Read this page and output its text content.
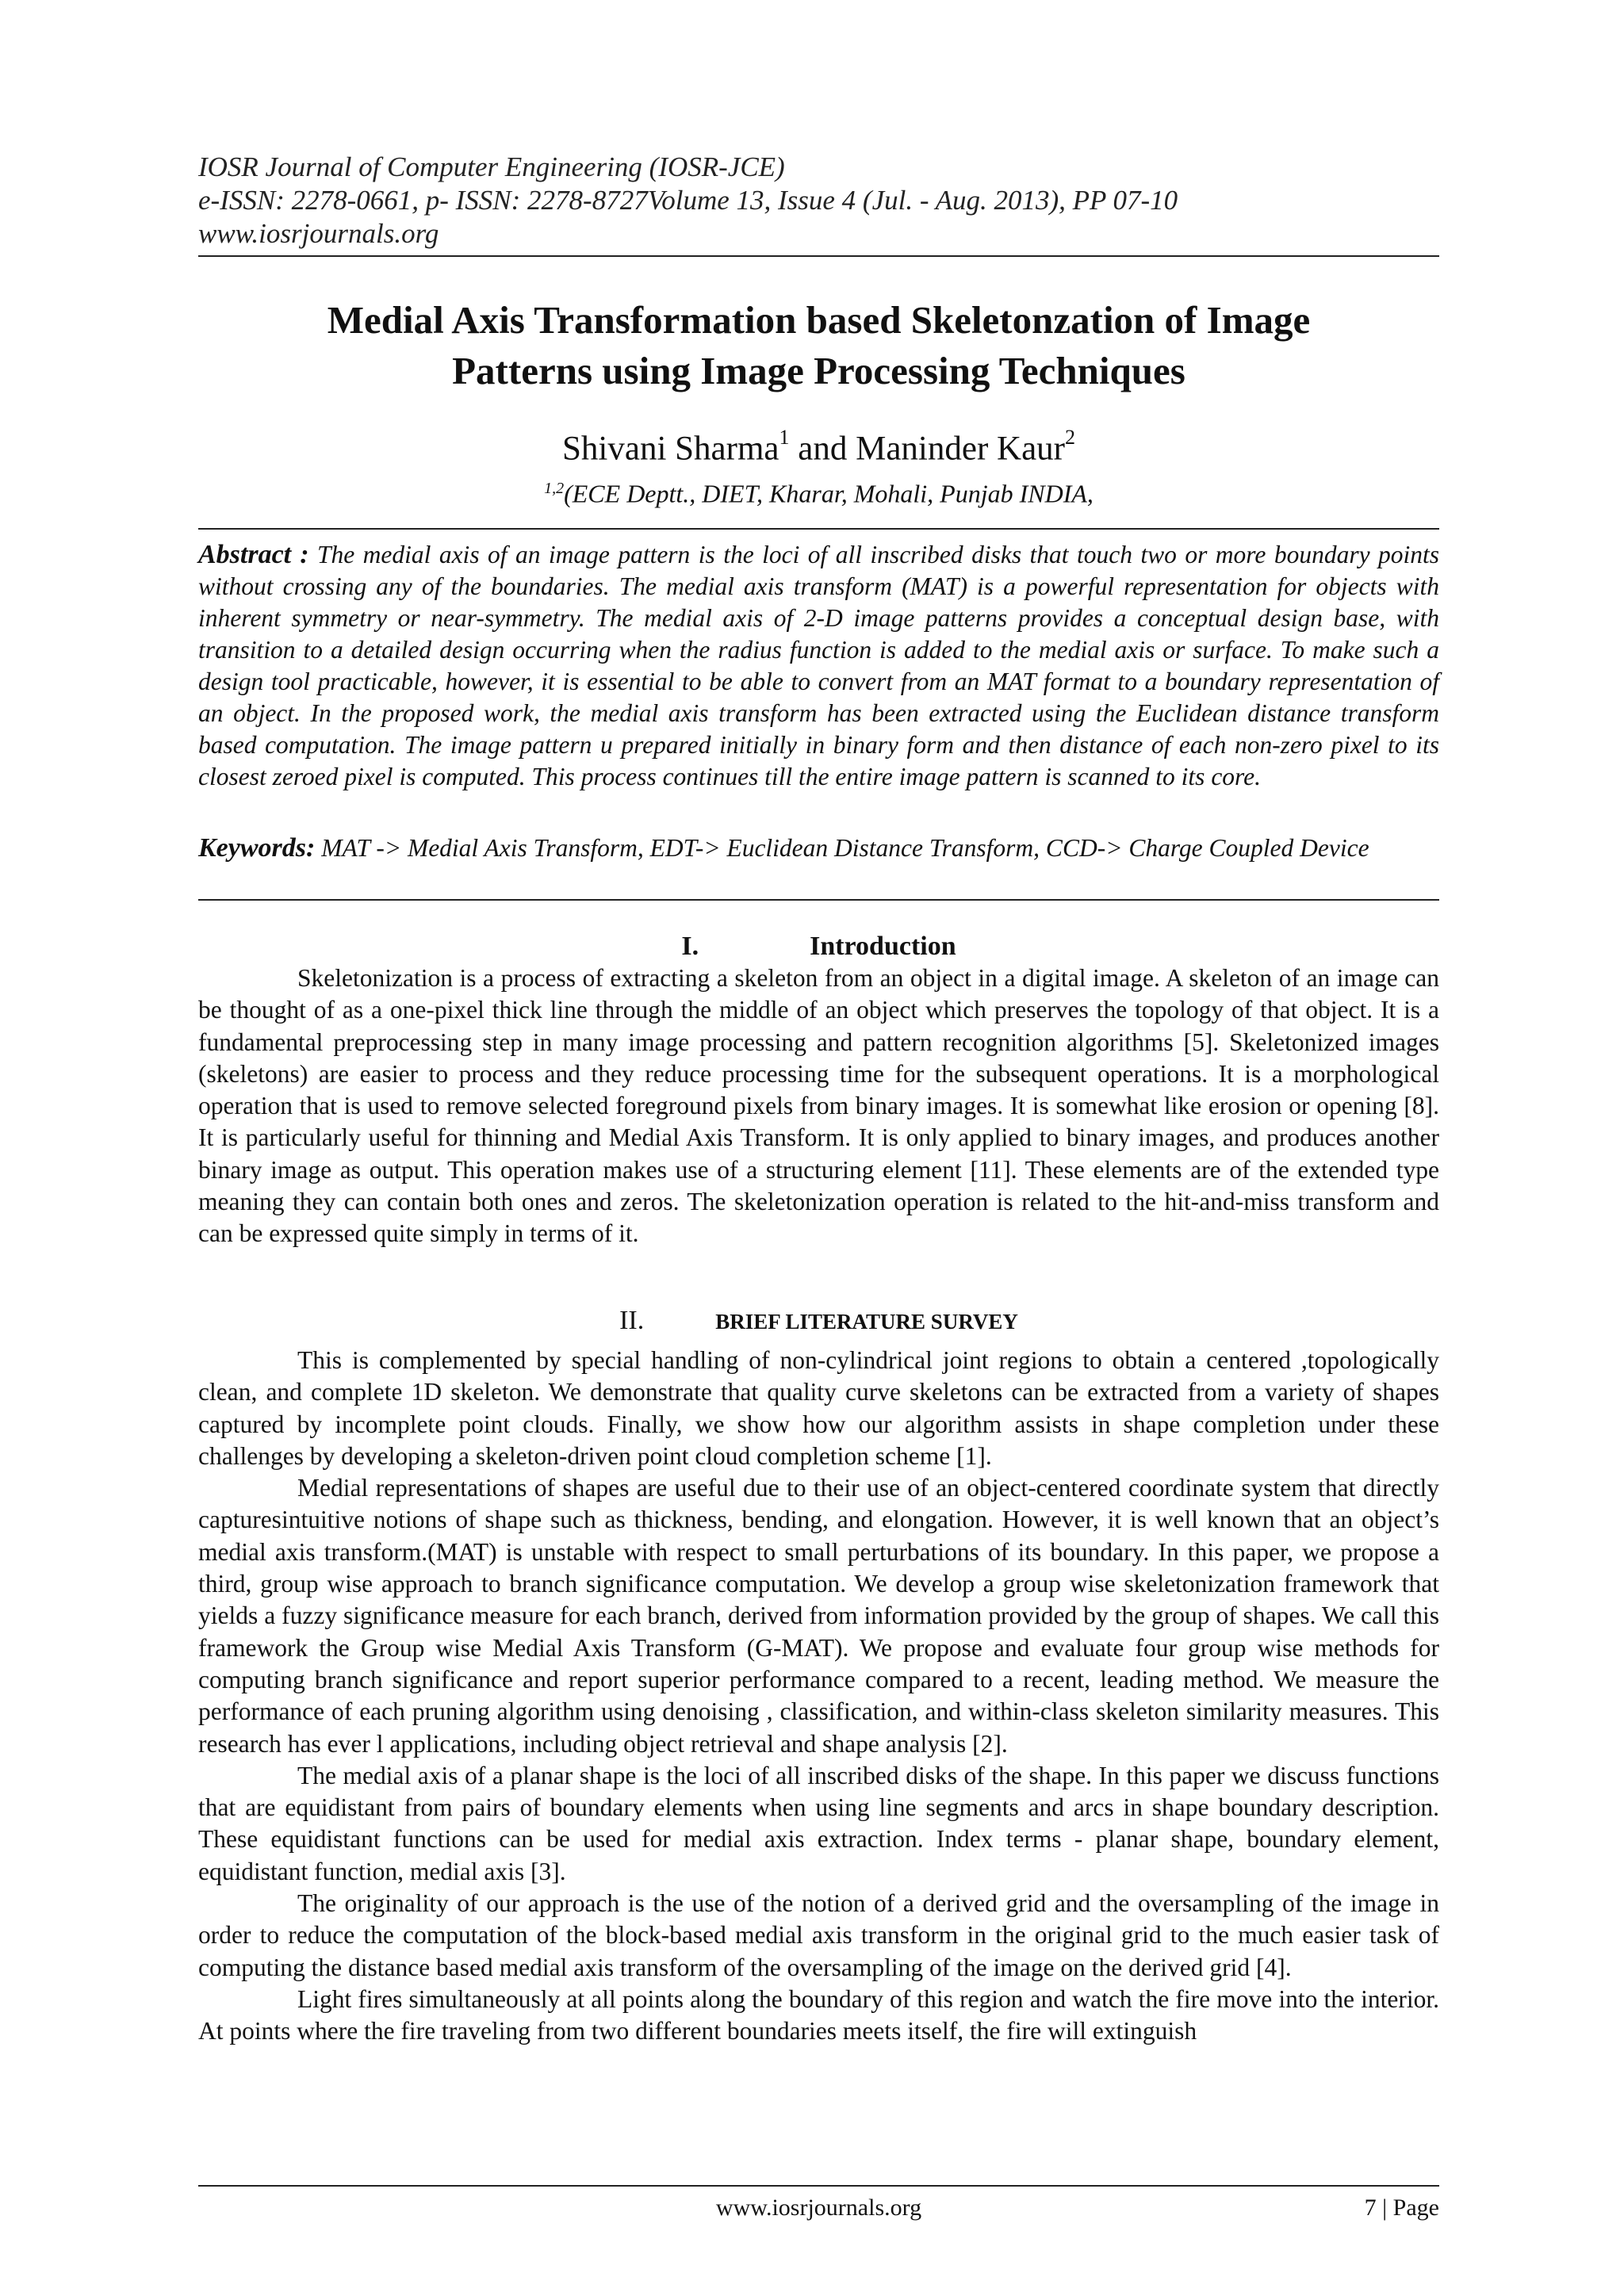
IOSR Journal of Computer Engineering (IOSR-JCE)
e-ISSN: 2278-0661, p- ISSN: 2278-8727Volume 13, Issue 4 (Jul. - Aug. 2013), PP 07-10
www.iosrjournals.org
Medial Axis Transformation based Skeletonzation of Image
Patterns using Image Processing Techniques
Shivani Sharma$^1$ and Maninder Kaur$^2$
$^{1,2}$(ECE Deptt., DIET, Kharar, Mohali, Punjab INDIA,
Abstract : The medial axis of an image pattern is the loci of all inscribed disks that touch two or more boundary points without crossing any of the boundaries. The medial axis transform (MAT) is a powerful representation for objects with inherent symmetry or near-symmetry. The medial axis of 2-D image patterns provides a conceptual design base, with transition to a detailed design occurring when the radius function is added to the medial axis or surface. To make such a design tool practicable, however, it is essential to be able to convert from an MAT format to a boundary representation of an object. In the proposed work, the medial axis transform has been extracted using the Euclidean distance transform based computation. The image pattern u prepared initially in binary form and then distance of each non-zero pixel to its closest zeroed pixel is computed. This process continues till the entire image pattern is scanned to its core.
Keywords: MAT -> Medial Axis Transform, EDT-> Euclidean Distance Transform, CCD-> Charge Coupled Device
I.	Introduction

Skeletonization is a process of extracting a skeleton from an object in a digital image. A skeleton of an image can be thought of as a one-pixel thick line through the middle of an object which preserves the topology of that object. It is a fundamental preprocessing step in many image processing and pattern recognition algorithms [5]. Skeletonized images (skeletons) are easier to process and they reduce processing time for the subsequent operations. It is a morphological operation that is used to remove selected foreground pixels from binary images. It is somewhat like erosion or opening [8]. It is particularly useful for thinning and Medial Axis Transform. It is only applied to binary images, and produces another binary image as output. This operation makes use of a structuring element [11]. These elements are of the extended type meaning they can contain both ones and zeros. The skeletonization operation is related to the hit-and-miss transform and can be expressed quite simply in terms of it.

II.	BRIEF LITERATURE SURVEY

This is complemented by special handling of non-cylindrical joint regions to obtain a centered ,topologically clean, and complete 1D skeleton. We demonstrate that quality curve skeletons can be extracted from a variety of shapes captured by incomplete point clouds. Finally, we show how our algorithm assists in shape completion under these challenges by developing a skeleton-driven point cloud completion scheme [1].

Medial representations of shapes are useful due to their use of an object-centered coordinate system that directly capturesintuitive notions of shape such as thickness, bending, and elongation. However, it is well known that an object’s medial axis transform.(MAT) is unstable with respect to small perturbations of its boundary. In this paper, we propose a third, group wise approach to branch significance computation. We develop a group wise skeletonization framework that yields a fuzzy significance measure for each branch, derived from information provided by the group of shapes. We call this framework the Group wise Medial Axis Transform (G-MAT). We propose and evaluate four group wise methods for computing branch significance and report superior performance compared to a recent, leading method. We measure the performance of each pruning algorithm using denoising , classification, and within-class skeleton similarity measures. This research has ever l applications, including object retrieval and shape analysis [2].

The medial axis of a planar shape is the loci of all inscribed disks of the shape. In this paper we discuss functions that are equidistant from pairs of boundary elements when using line segments and arcs in shape boundary description. These equidistant functions can be used for medial axis extraction. Index terms - planar shape, boundary element, equidistant function, medial axis [3].

The originality of our approach is the use of the notion of a derived grid and the oversampling of the image in order to reduce the computation of the block-based medial axis transform in the original grid to the much easier task of computing the distance based medial axis transform of the oversampling of the image on the derived grid [4].

Light fires simultaneously at all points along the boundary of this region and watch the fire move into the interior. At points where the fire traveling from two different boundaries meets itself, the fire will extinguish

www.iosrjournals.org	7 | Page
